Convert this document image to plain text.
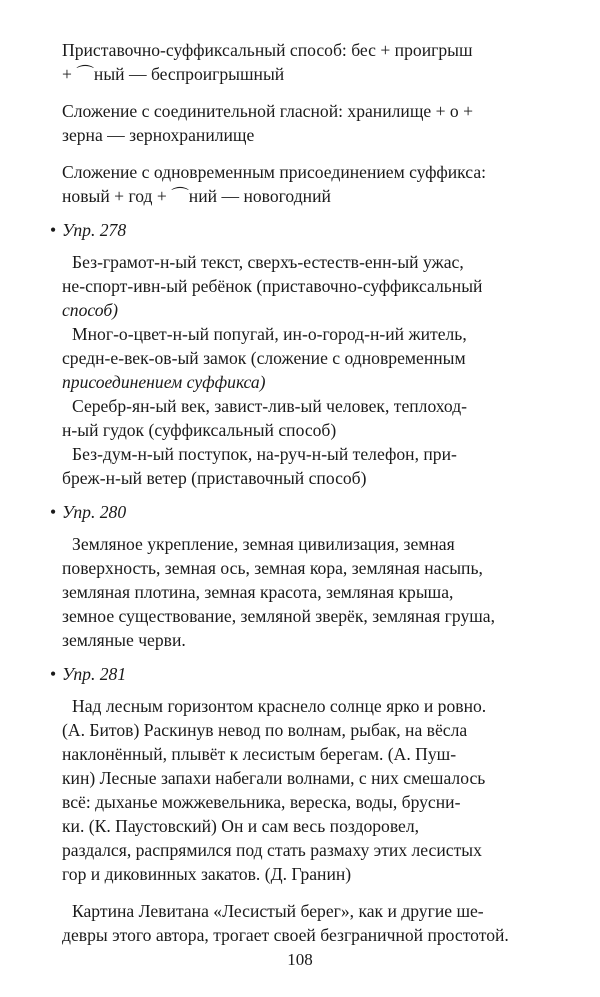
Приставочно-суффиксальный способ: бес + проигрыш

+ ⌒ный — беспроигрышный

Сложение с соединительной гласной: хранилище + о +

зерна — зернохранилище

Сложение с одновременным присоединением суффикса:

новый + год + ⌒ний — новогодний

• Упр. 278

Без-грамот-н-ый текст, сверхъ-естеств-енн-ый ужас,

не-спорт-ивн-ый ребёнок (приставочно-суффиксальный

способ)

Мног-о-цвет-н-ый попугай, ин-о-город-н-ий житель,

средн-е-век-ов-ый замок (сложение с одновременным

присоединением суффикса)

Серебр-ян-ый век, завист-лив-ый человек, теплоход-

н-ый гудок (суффиксальный способ)

Без-дум-н-ый поступок, на-руч-н-ый телефон, при-

бреж-н-ый ветер (приставочный способ)

• Упр. 280

Земляное укрепление, земная цивилизация, земная

поверхность, земная ось, земная кора, земляная насыпь,

земляная плотина, земная красота, земляная крыша,

земное существование, земляной зверёк, земляная груша,

земляные черви.

• Упр. 281

Над лесным горизонтом краснело солнце ярко и ровно.

(А. Битов) Раскинув невод по волнам, рыбак, на вёсла

наклонённый, плывёт к лесистым берегам. (А. Пуш-

кин) Лесные запахи набегали волнами, с них смешалось

всё: дыханье можжевельника, вереска, воды, брусни-

ки. (К. Паустовский) Он и сам весь поздоровел,

раздался, распрямился под стать размаху этих лесистых

гор и диковинных закатов. (Д. Гранин)

Картина Левитана «Лесистый берег», как и другие ше-

девры этого автора, трогает своей безграничной простотой.

108
